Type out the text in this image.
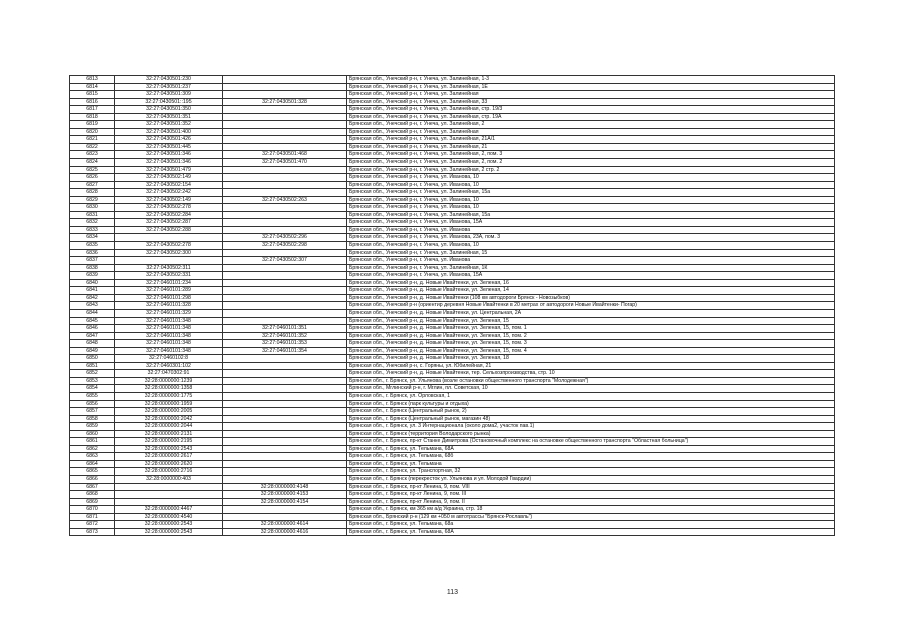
6813	32:27:0430501:230		Брянская обл., Унечский р-н, г. Унеча, ул. Залинейная, 1-3
6814	32:27:0430501:237		Брянская обл., Унечский р-н, г. Унеча, ул. Залинейная, 1Е
6815	32:27:0430501:309		Брянская обл., Унечский р-н, г. Унеча, ул. Залинейная
6816	32:27:0430501::195	32:27:0430501:328	Брянская обл., Унечский р-н, г. Унеча, ул. Залинейная, 33
6817	32:27:0430501:350		Брянская обл., Унечский р-н, г. Унеча, ул. Залинейная, стр. 19/3
6818	32:27:0430501:351		Брянская обл., Унечский р-н, г. Унеча, ул. Залинейная, стр. 19А
6819	32:27:0430501:352		Брянская обл., Унечский р-н, г. Унеча, ул. Залинейная, 2
6820	32:27:0430501:400		Брянская обл., Унечский р-н, г. Унеча, ул. Залинейная
6821	32:27:0430501:426		Брянская обл., Унечский р-н, г. Унеча, ул. Залинейная, 21А/1
6822	32:27:0430501:445		Брянская обл., Унечский р-н, г. Унеча, ул. Залинейная, 21
6823	32:27:0430501:346	32:27:0430501:468	Брянская обл., Унечский р-н, г. Унеча, ул. Залинейная, 2, пом. 3
6824	32:27:0430501:346	32:27:0430501:470	Брянская обл., Унечский р-н, г. Унеча, ул. Залинейная, 2, пом. 2
6825	32:27:0430501:479		Брянская обл., Унечский р-н, г. Унеча, ул. Залинейная, 2 стр. 2
6826	32:27:0430502:149		Брянская обл., Унечский р-н, г. Унеча, ул. Иванова, 10
6827	32:27:0430502:154		Брянская обл., Унечский р-н, г. Унеча, ул. Иванова, 10
6828	32:27:0430502:242		Брянская обл., Унечский р-н, г. Унеча, ул. Залинейная, 15а
6829	32:27:0430502:149	32:27:0430502:263	Брянская обл., Унечский р-н, г. Унеча, ул. Иванова, 10
6830	32:27:0430502:278		Брянская обл., Унечский р-н, г. Унеча, ул. Иванова, 10
6831	32:27:0430502:284		Брянская обл., Унечский р-н, г. Унеча, ул. Залинейная, 15а
6832	32:27:0430502:287		Брянская обл., Унечский р-н, г. Унеча, ул. Иванова, 15А
6833	32:27:0430502:288		Брянская обл., Унечский р-н, г. Унеча, ул. Иванова
6834		32:27:0430502:296	Брянская обл., Унечский р-н, г. Унеча, ул. Иванова, 23А, пом. 3
6835	32:27:0430502:278	32:27:0430502:298	Брянская обл., Унечский р-н, г. Унеча, ул. Иванова, 10
6836	32:27:0430502:300		Брянская обл., Унечский р-н, г. Унеча, ул. Залинейная, 15
6837		32:27:0430502:307	Брянская обл., Унечский р-н, г. Унеча, ул. Иванова
6838	32:27:0430502:311		Брянская обл., Унечский р-н, г. Унеча, ул. Залинейная, 1К
6839	32:27:0430502:331		Брянская обл., Унечский р-н, г. Унеча, ул. Иванова, 15А
6840	32:27:0460101:234		Брянская обл., Унечский р-н, д. Новые Ивайтенки, ул. Зеленая, 16
6841	32:27:0460101:289		Брянская обл., Унечский р-н, д. Новые Ивайтенки, ул. Зеленая, 14
6842	32:27:0460101:298		Брянская обл., Унечский р-н, д. Новые Ивайтенки (108 км автодороги Брянск - Новозыбков)
6843	32:27:0460101:328		Брянская обл., Унечский р-н (ориентир деревня Новые Ивайтенки в 20 метрах от автодороги Новые Ивайтенки- Погар)
6844	32:27:0460101:329		Брянская обл., Унечский р-н, д. Новые Ивайтенки, ул. Центральная, 2А
6845	32:27:0460101:348		Брянская обл., Унечский р-н, д. Новые Ивайтенки, ул. Зеленая, 15
6846	32:27:0460101:348	32:27:0460101:351	Брянская обл., Унечский р-н, д. Новые Ивайтенки, ул. Зеленая, 15, пом. 1
6847	32:27:0460101:348	32:27:0460101:352	Брянская обл., Унечский р-н, д. Новые Ивайтенки, ул. Зеленая, 15, пом. 2
6848	32:27:0460101:348	32:27:0460101:353	Брянская обл., Унечский р-н, д. Новые Ивайтенки, ул. Зеленая, 15, пом. 3
6849	32:27:0460101:348	32:27:0460101:354	Брянская обл., Унечский р-н, д. Новые Ивайтенки, ул. Зеленая, 15, пом. 4
6850	32:27:0460102:8		Брянская обл., Унечский р-н, д. Новые Ивайтенки, ул. Зеленая, 18
6851	32:27:0460301:102		Брянская обл., Унечский р-н, с. Горяны, ул. Юбилейная, 21
6852	32:27:0470302:91		Брянская обл., Унечский р-н, д. Новые Ивайтенки, тер. Сельхозпроизводства, стр. 10
6853	32:28:0000000:1239		Брянская обл., г. Брянск, ул. Ульянова (возле остановки общественного транспорта "Молодежная")
6854	32:28:0000000:1358		Брянская обл., Мглинский р-н, г. Мглин, пл. Советская, 10
6855	32:28:0000000:1775		Брянская обл., г. Брянск, ул. Орловская, 1
6856	32:28:0000000:1959		Брянская обл., г. Брянск (парк культуры и отдыха)
6857	32:28:0000000:2005		Брянская обл., г. Брянск (Центральный рынок, 2)
6858	32:28:0000000:2042		Брянская обл., г. Брянск (Центральный рынок, магазин 48)
6859	32:28:0000000:2044		Брянская обл., г. Брянск, ул. 3 Интернационала (около дома2, участок пав.1)
6860	32:28:0000000:2131		Брянская обл., г. Брянск (территория Володарского рынка)
6861	32:28:0000000:2195		Брянская обл., г. Брянск, пр-кт Станке Димитрова (Остановочный комплекс на остановке общественного транспорта "Областная больница")
6862	32:28:0000000:2543		Брянская обл., г. Брянск, ул. Тельмана, 68А
6863	32:28:0000000:2617		Брянская обл., г. Брянск, ул. Тельмана, 68б
6864	32:28:0000000:2620		Брянская обл., г. Брянск, ул. Тельмана
6865	32:28:0000000:2716		Брянская обл., г. Брянск, ул. Транспортная, 32
6866	32:28:0000000:403		Брянская обл., г. Брянск (перекресток ул. Ульянова и ул. Молодой Гвардии)
6867		32:28:0000000:4148	Брянская обл., г. Брянск, пр-кт Ленина, 9, пом. VIII
6868		32:28:0000000:4153	Брянская обл., г. Брянск, пр-кт Ленина, 9, пом. III
6869		32:28:0000000:4154	Брянская обл., г. Брянск, пр-кт Ленина, 9, пом. II
6870	32:28:0000000:4467		Брянская обл., г. Брянск, км 365 км а/д Украина, стр. 18
6871	32:28:0000000:4540		Брянская обл., Брянский р-н (129 км +050 м автотрассы "Брянск-Рославль")
6872	32:28:0000000:2543	32:28:0000000:4614	Брянская обл., г. Брянск, ул. Тельмана, 68а
6873	32:28:0000000:2543	32:28:0000000:4616	Брянская обл., г. Брянск, ул. Тельмана, 68А
113
